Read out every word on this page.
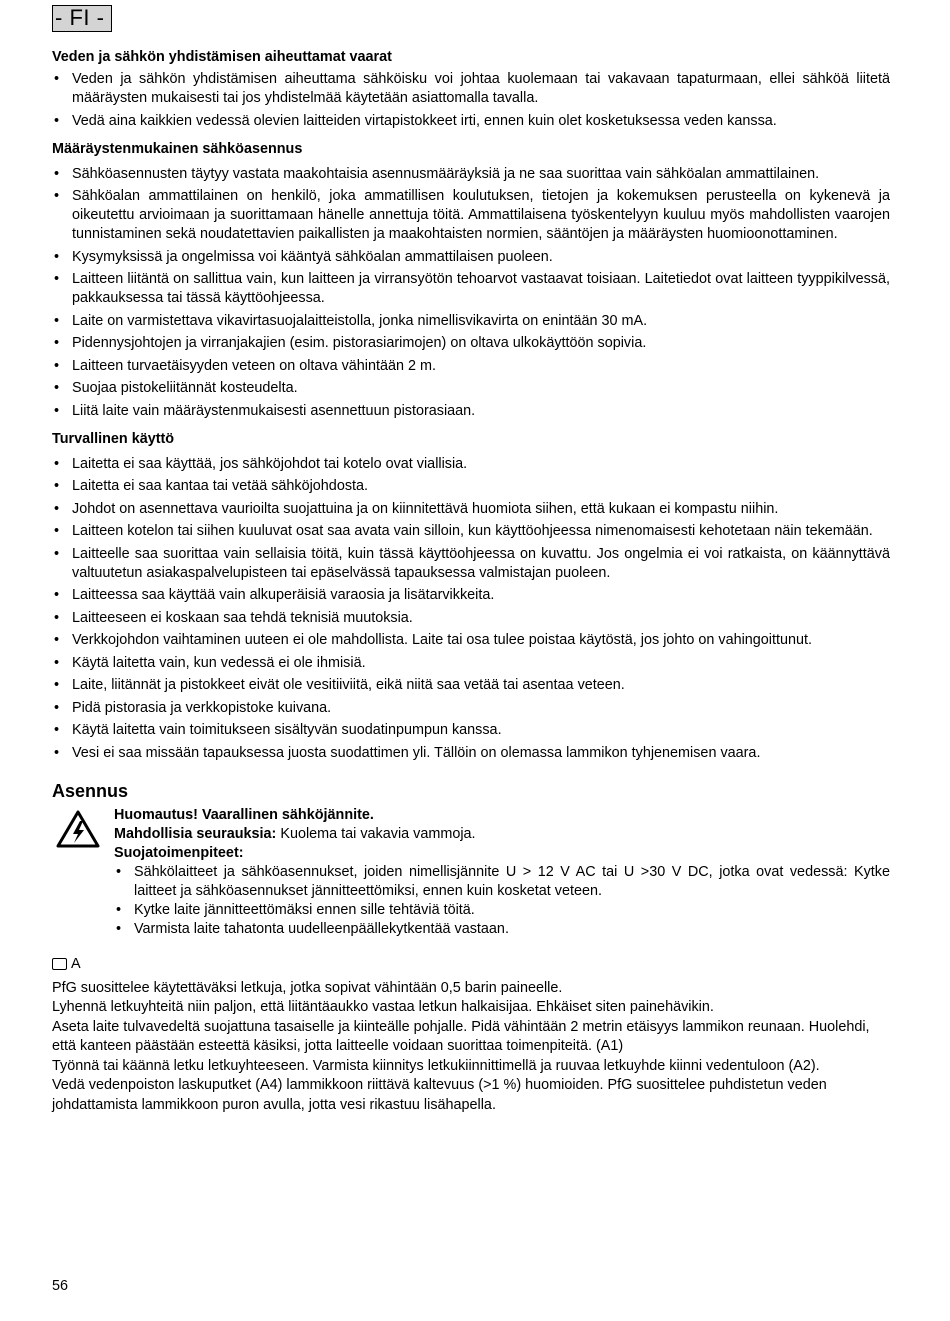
- FI -
Veden ja sähkön yhdistämisen aiheuttamat vaarat
• Veden ja sähkön yhdistämisen aiheuttama sähköisku voi johtaa kuolemaan tai vakavaan tapaturmaan, ellei sähköä liitetä määräysten mukaisesti tai jos yhdistelmää käytetään asiattomalla tavalla.
• Vedä aina kaikkien vedessä olevien laitteiden virtapistokkeet irti, ennen kuin olet kosketuksessa veden kanssa.
Määräystenmukainen sähköasennus
• Sähköasennusten täytyy vastata maakohtaisia asennusmääräyksiä ja ne saa suorittaa vain sähköalan ammattilainen.
• Sähköalan ammattilainen on henkilö, joka ammatillisen koulutuksen, tietojen ja kokemuksen perusteella on kykenevä ja oikeutettu arvioimaan ja suorittamaan hänelle annettuja töitä. Ammattilaisena työskentelyyn kuuluu myös mahdollisten vaarojen tunnistaminen sekä noudatettavien paikallisten ja maakohtaisten normien, sääntöjen ja määräysten huomioonottaminen.
• Kysymyksissä ja ongelmissa voi kääntyä sähköalan ammattilaisen puoleen.
• Laitteen liitäntä on sallittua vain, kun laitteen ja virransyötön tehoarvot vastaavat toisiaan. Laitetiedot ovat laitteen tyyppikilvessä, pakkauksessa tai tässä käyttöohjeessa.
• Laite on varmistettava vikavirtasuojalaitteistolla, jonka nimellisvikavirta on enintään 30 mA.
• Pidennysjohtojen ja virranjakajien (esim. pistorasiarimojen) on oltava ulkokäyttöön sopivia.
• Laitteen turvaetäisyyden veteen on oltava vähintään 2 m.
• Suojaa pistokeliitännät kosteudelta.
• Liitä laite vain määräystenmukaisesti asennettuun pistorasiaan.
Turvallinen käyttö
• Laitetta ei saa käyttää, jos sähköjohdot tai kotelo ovat viallisia.
• Laitetta ei saa kantaa tai vetää sähköjohdosta.
• Johdot on asennettava vaurioilta suojattuina ja on kiinnitettävä huomiota siihen, että kukaan ei kompastu niihin.
• Laitteen kotelon tai siihen kuuluvat osat saa avata vain silloin, kun käyttöohjeessa nimenomaisesti kehotetaan näin tekemään.
• Laitteelle saa suorittaa vain sellaisia töitä, kuin tässä käyttöohjeessa on kuvattu. Jos ongelmia ei voi ratkaista, on käännyttävä valtuutetun asiakaspalvelupisteen tai epäselvässä tapauksessa valmistajan puoleen.
• Laitteessa saa käyttää vain alkuperäisiä varaosia ja lisätarvikkeita.
• Laitteeseen ei koskaan saa tehdä teknisiä muutoksia.
• Verkkojohdon vaihtaminen uuteen ei ole mahdollista. Laite tai osa tulee poistaa käytöstä, jos johto on vahingoittunut.
• Käytä laitetta vain, kun vedessä ei ole ihmisiä.
• Laite, liitännät ja pistokkeet eivät ole vesitiiviitä, eikä niitä saa vetää tai asentaa veteen.
• Pidä pistorasia ja verkkopistoke kuivana.
• Käytä laitetta vain toimitukseen sisältyvän suodatinpumpun kanssa.
• Vesi ei saa missään tapauksessa juosta suodattimen yli. Tällöin on olemassa lammikon tyhjenemisen vaara.
Asennus

Huomautus! Vaarallinen sähköjännite.

Mahdollisia seurauksia: Kuolema tai vakavia vammoja.

Suojatoimenpiteet:

• Sähkölaitteet ja sähköasennukset, joiden nimellisjännite U > 12 V AC tai U >30 V DC, jotka ovat vedessä: Kytke laitteet ja sähköasennukset jännitteettömiksi, ennen kuin kosketat veteen.
• Kytke laite jännitteettömäksi ennen sille tehtäviä töitä.
• Varmista laite tahatonta uudelleenpäällekytkentää vastaan.
A

PfG suosittelee käytettäväksi letkuja, jotka sopivat vähintään 0,5 barin paineelle.

Lyhennä letkuyhteitä niin paljon, että liitäntäaukko vastaa letkun halkaisijaa. Ehkäiset siten painehävikin.

Aseta laite tulvavedeltä suojattuna tasaiselle ja kiinteälle pohjalle. Pidä vähintään 2 metrin etäisyys lammikon reunaan. Huolehdi, että kanteen päästään esteettä käsiksi, jotta laitteelle voidaan suorittaa toimenpiteitä. (A1)

Työnnä tai käännä letku letkuyhteeseen. Varmista kiinnitys letkukiinnittimellä ja ruuvaa letkuyhde kiinni vedentuloon (A2).

Vedä vedenpoiston laskuputket (A4) lammikkoon riittävä kaltevuus (>1 %) huomioiden. PfG suosittelee puhdistetun veden johdattamista lammikkoon puron avulla, jotta vesi rikastuu lisähapella.

56
